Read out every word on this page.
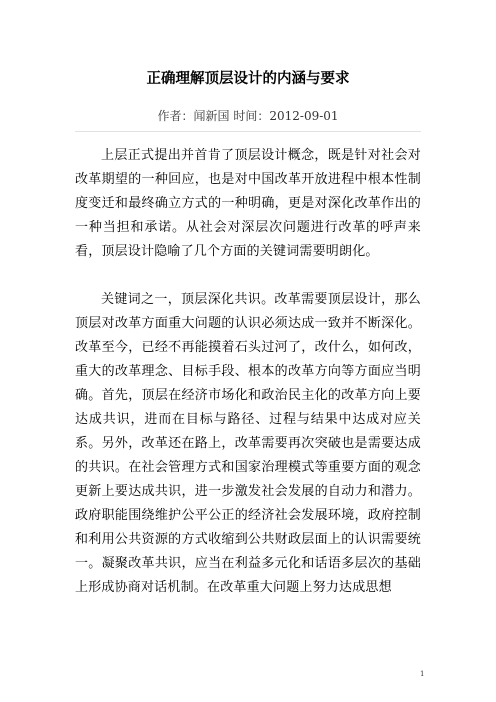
正确理解顶层设计的内涵与要求
作者：闻新国 时间：2012-09-01

上层正式提出并首肯了顶层设计概念，既是针对社会对改革期望的一种回应，也是对中国改革开放进程中根本性制度变迁和最终确立方式的一种明确，更是对深化改革作出的一种当担和承诺。从社会对深层次问题进行改革的呼声来看，顶层设计隐喻了几个方面的关键词需要明朗化。

关键词之一，顶层深化共识。改革需要顶层设计，那么顶层对改革方面重大问题的认识必须达成一致并不断深化。改革至今，已经不再能摸着石头过河了，改什么，如何改，重大的改革理念、目标手段、根本的改革方向等方面应当明确。首先，顶层在经济市场化和政治民主化的改革方向上要达成共识，进而在目标与路径、过程与结果中达成对应关系。另外，改革还在路上，改革需要再次突破也是需要达成的共识。在社会管理方式和国家治理模式等重要方面的观念更新上要达成共识，进一步激发社会发展的自动力和潜力。政府职能围绕维护公平公正的经济社会发展环境，政府控制和利用公共资源的方式收缩到公共财政层面上的认识需要统一。凝聚改革共识，应当在利益多元化和话语多层次的基础上形成协商对话机制。在改革重大问题上努力达成思想

1
